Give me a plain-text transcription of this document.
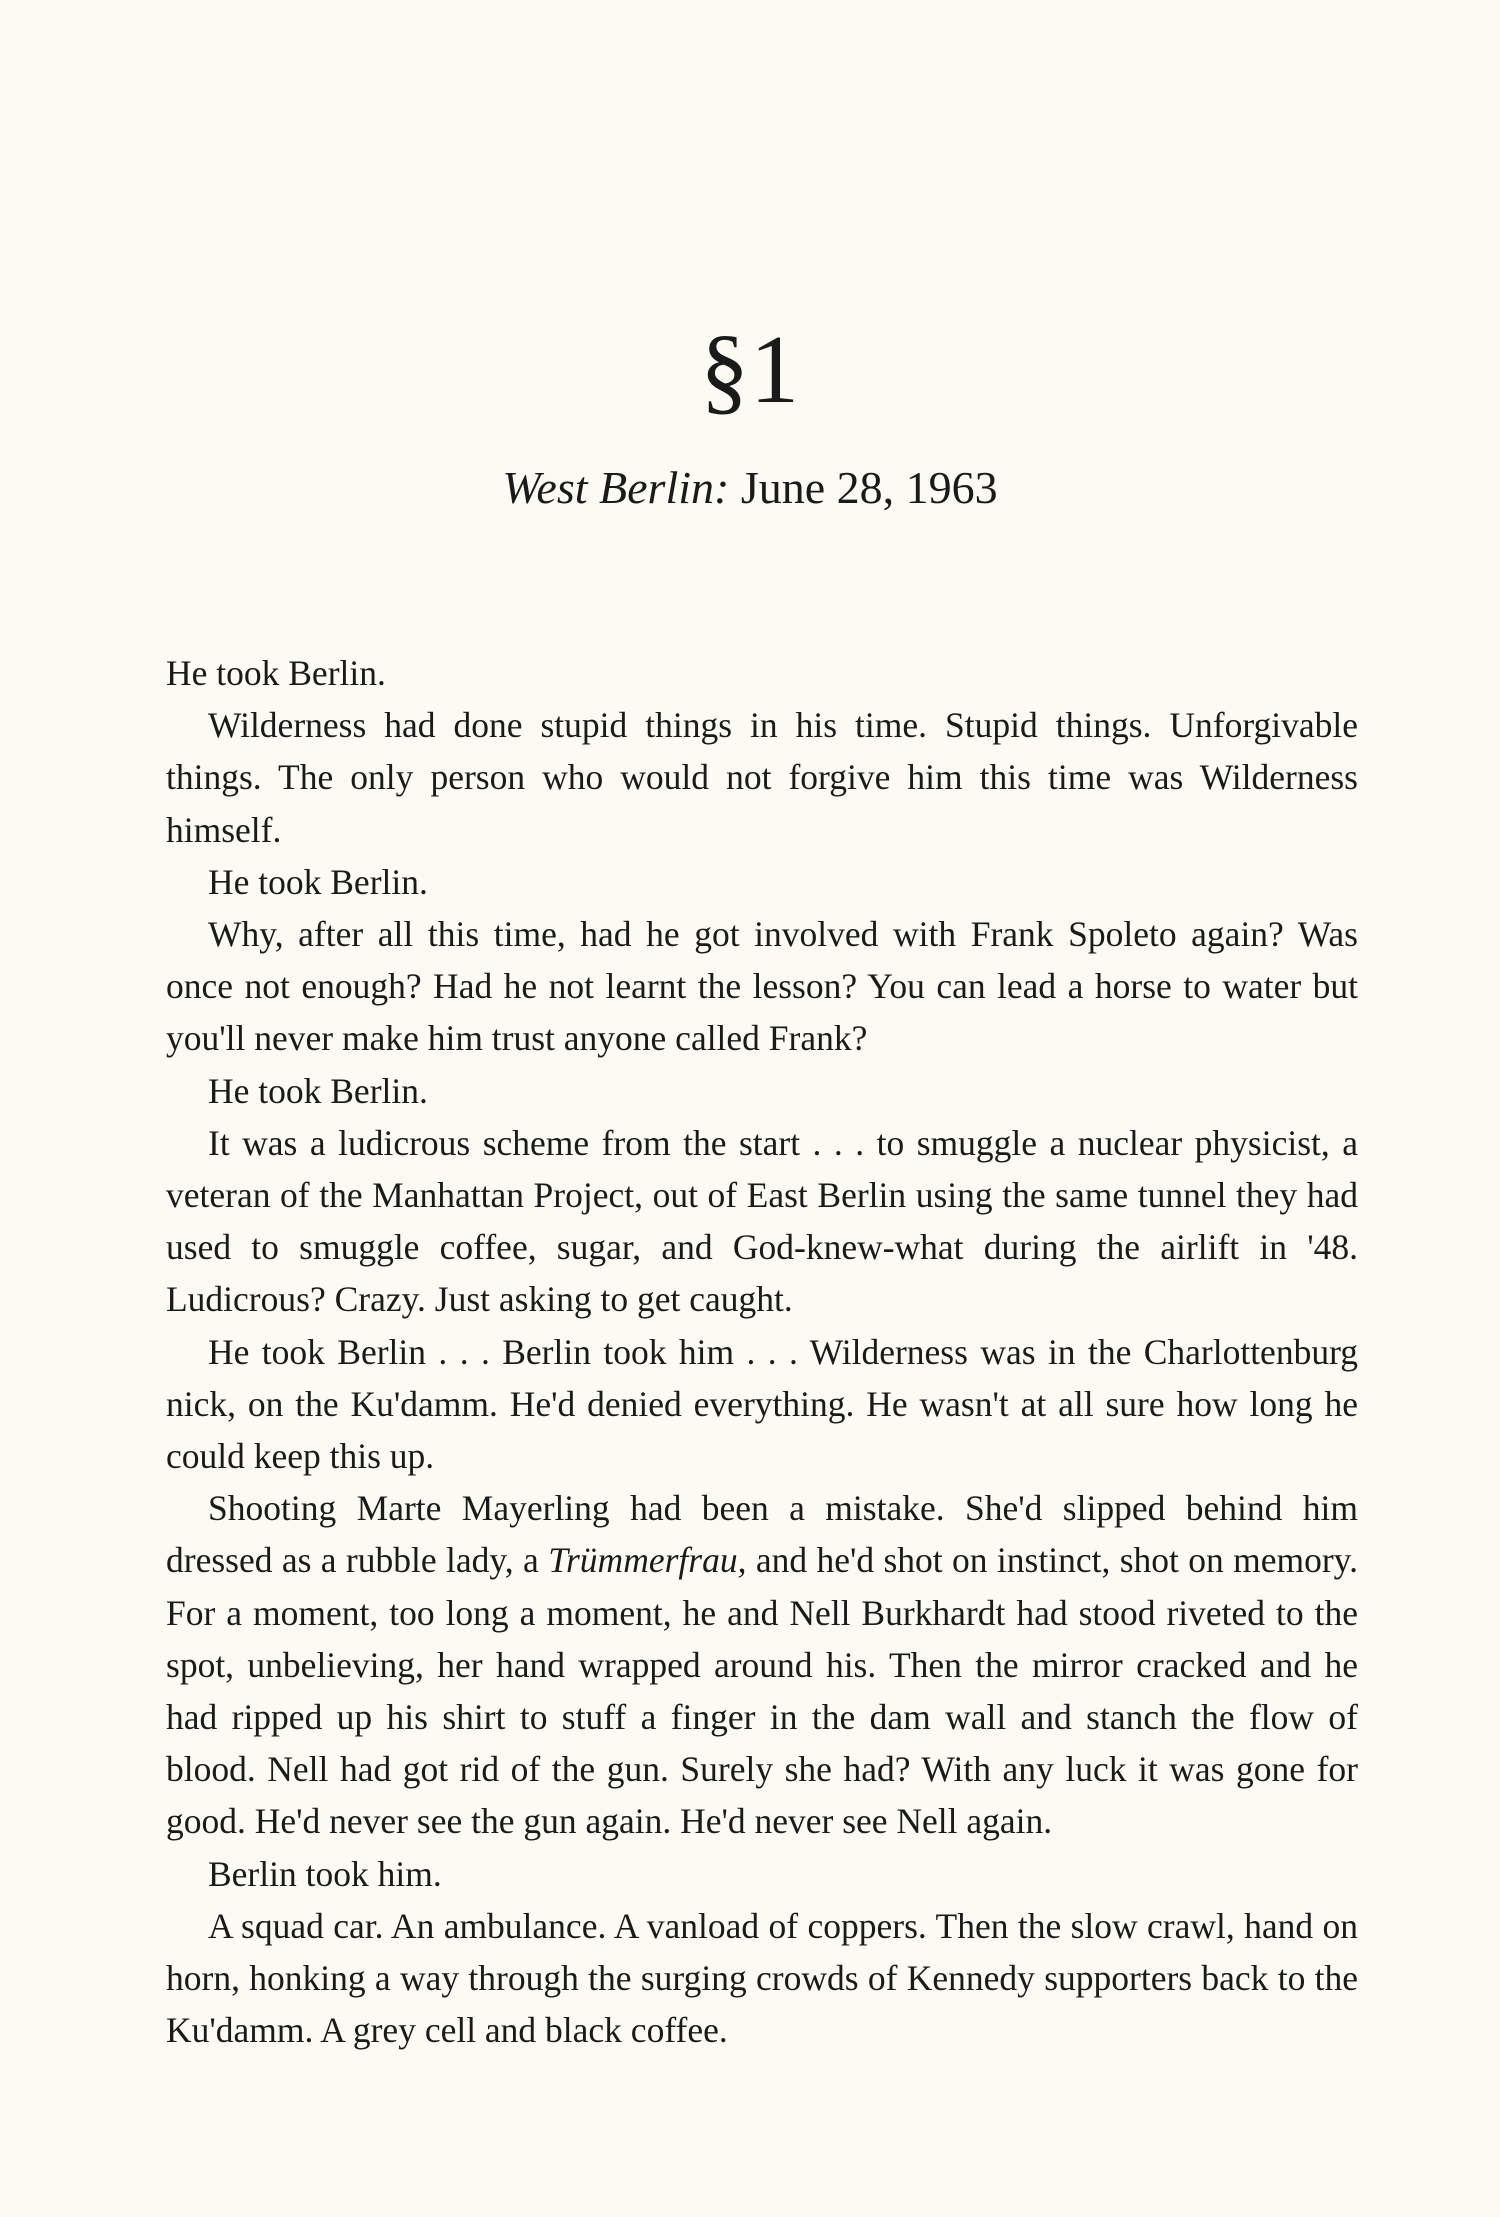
§1
West Berlin: June 28, 1963

He took Berlin.

Wilderness had done stupid things in his time. Stupid things. Unforgivable things. The only person who would not forgive him this time was Wilderness himself.

He took Berlin.

Why, after all this time, had he got involved with Frank Spoleto again? Was once not enough? Had he not learnt the lesson? You can lead a horse to water but you'll never make him trust anyone called Frank?

He took Berlin.

It was a ludicrous scheme from the start . . . to smuggle a nuclear physicist, a veteran of the Manhattan Project, out of East Berlin using the same tunnel they had used to smuggle coffee, sugar, and God-knew-what during the airlift in '48. Ludicrous? Crazy. Just asking to get caught.

He took Berlin . . . Berlin took him . . . Wilderness was in the Charlottenburg nick, on the Ku'damm. He'd denied everything. He wasn't at all sure how long he could keep this up.

Shooting Marte Mayerling had been a mistake. She'd slipped behind him dressed as a rubble lady, a Trümmerfrau, and he'd shot on instinct, shot on memory. For a moment, too long a moment, he and Nell Burkhardt had stood riveted to the spot, unbelieving, her hand wrapped around his. Then the mirror cracked and he had ripped up his shirt to stuff a finger in the dam wall and stanch the flow of blood. Nell had got rid of the gun. Surely she had? With any luck it was gone for good. He'd never see the gun again. He'd never see Nell again.

Berlin took him.

A squad car. An ambulance. A vanload of coppers. Then the slow crawl, hand on horn, honking a way through the surging crowds of Kennedy supporters back to the Ku'damm. A grey cell and black coffee.
